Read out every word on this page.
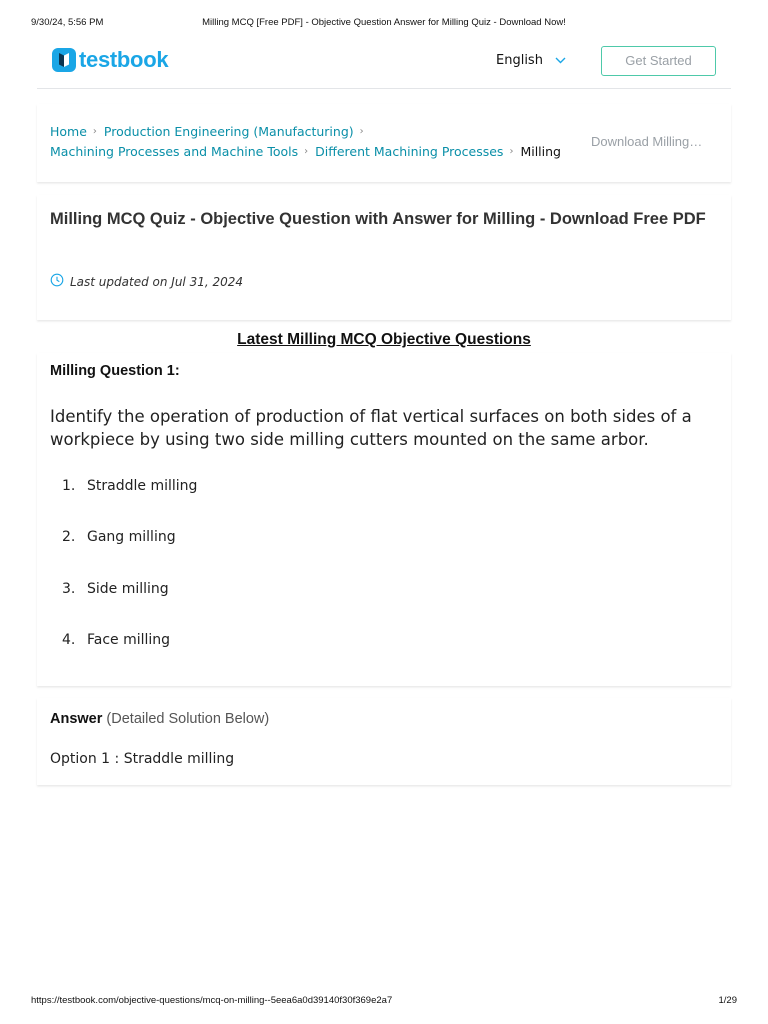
9/30/24, 5:56 PM	Milling MCQ [Free PDF] - Objective Question Answer for Milling Quiz - Download Now!
testbook	English	Get Started
Home › Production Engineering (Manufacturing) ›
Machining Processes and Machine Tools › Different Machining Processes › Milling
Download Milling…
Milling MCQ Quiz - Objective Question with Answer for Milling - Download Free PDF
Last updated on Jul 31, 2024
Latest Milling MCQ Objective Questions
Milling Question 1:

Identify the operation of production of flat vertical surfaces on both sides of a workpiece by using two side milling cutters mounted on the same arbor.

1. Straddle milling
2. Gang milling
3. Side milling
4. Face milling
Answer (Detailed Solution Below)
Option 1 : Straddle milling
https://testbook.com/objective-questions/mcq-on-milling--5eea6a0d39140f30f369e2a7	1/29
